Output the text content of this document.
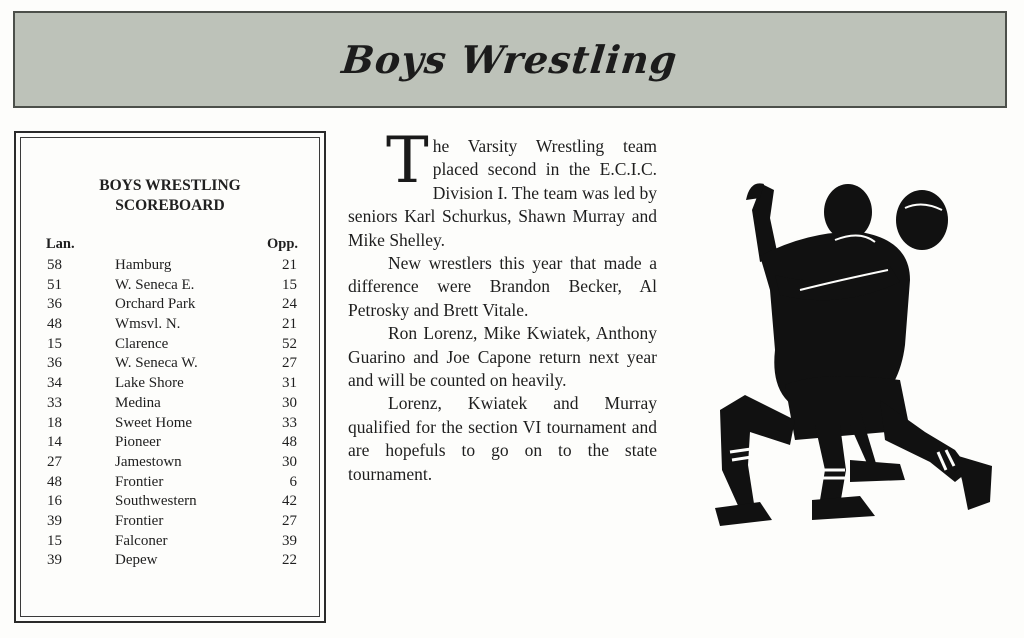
Boys Wrestling
BOYS WRESTLING
SCOREBOARD
Lan.	Opp.
58	Hamburg	21
51	W. Seneca E.	15
36	Orchard Park	24
48	Wmsvl. N.	21
15	Clarence	52
36	W. Seneca W.	27
34	Lake Shore	31
33	Medina	30
18	Sweet Home	33
14	Pioneer	48
27	Jamestown	30
48	Frontier	6
16	Southwestern	42
39	Frontier	27
15	Falconer	39
39	Depew	22

The Varsity Wrestling team placed second in the E.C.I.C. Division I. The team was led by seniors Karl Schurkus, Shawn Murray and Mike Shelley.

New wrestlers this year that made a difference were Brandon Becker, Al Petrosky and Brett Vitale.

Ron Lorenz, Mike Kwiatek, Anthony Guarino and Joe Capone return next year and will be counted on heavily.

Lorenz, Kwiatek and Murray qualified for the section VI tournament and are hopefuls to go on to the state tournament.
